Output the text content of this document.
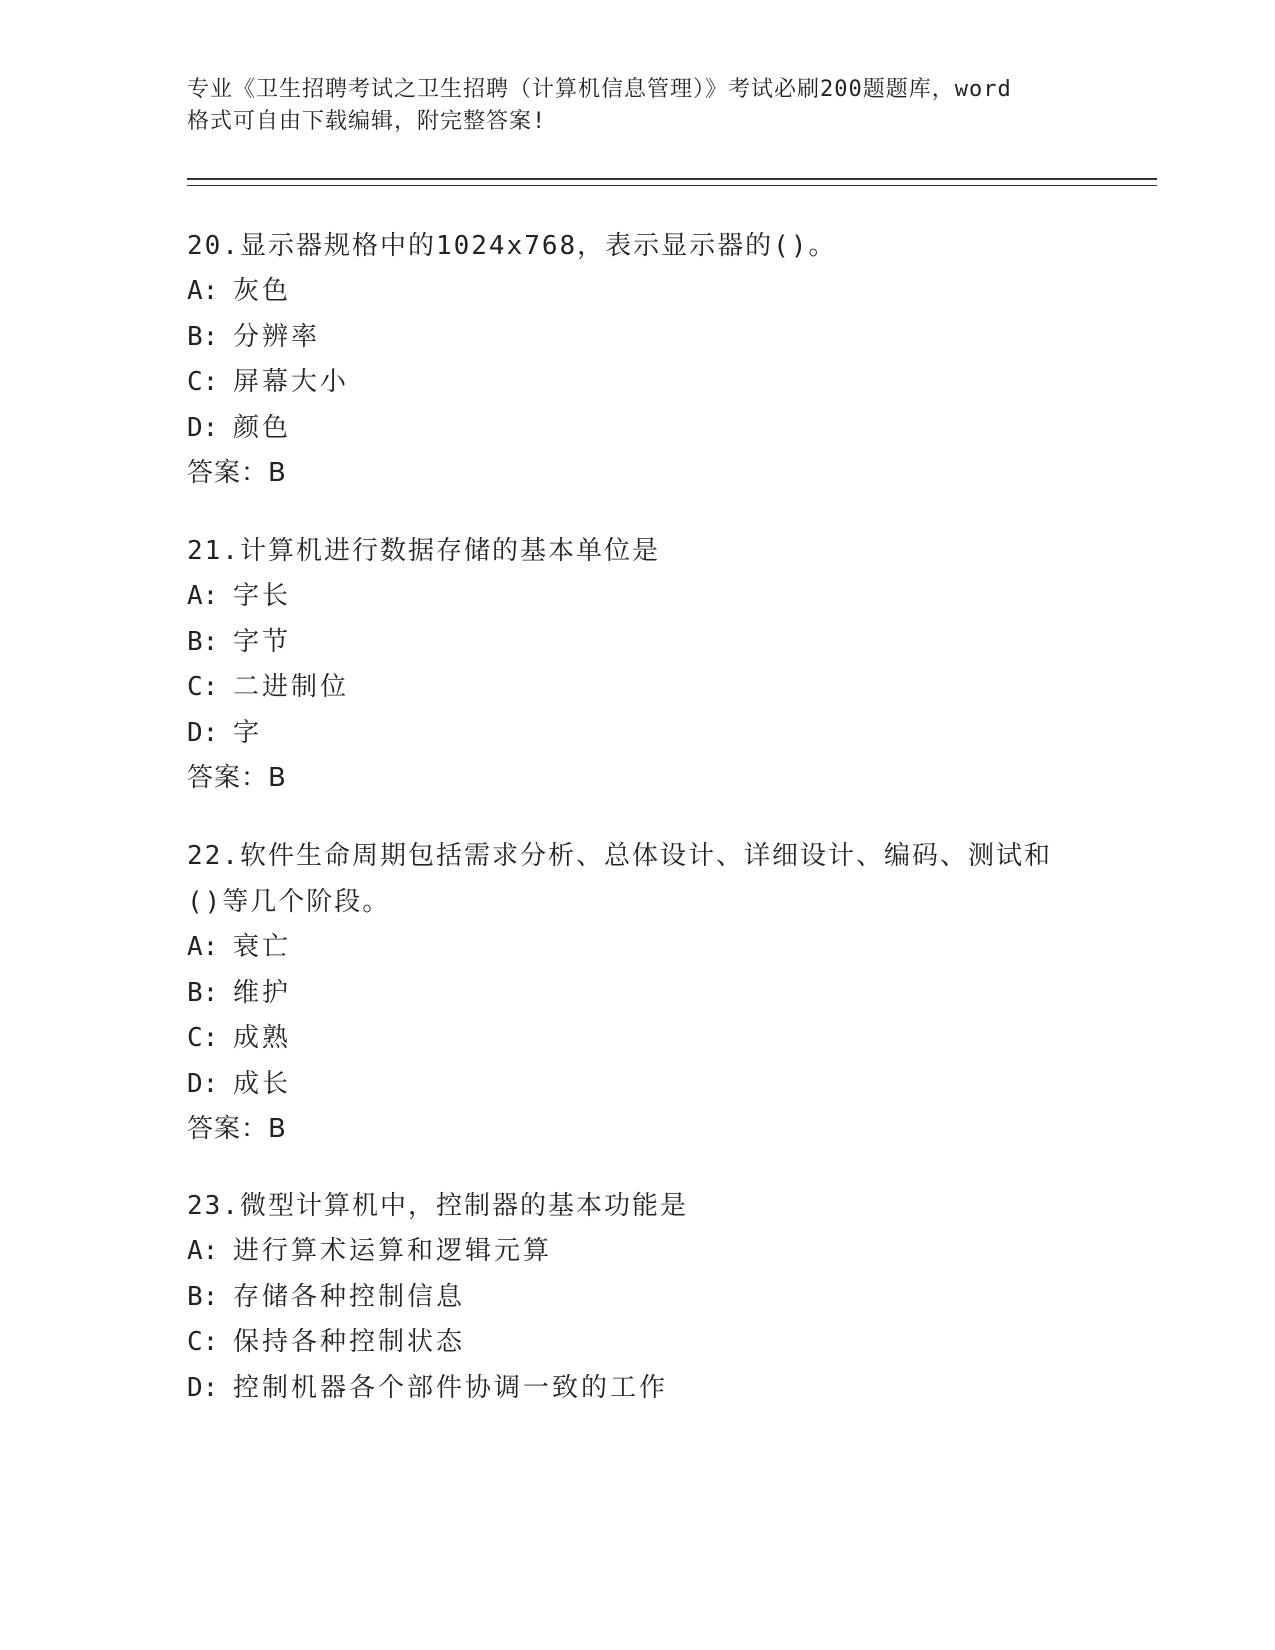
专业《卫生招聘考试之卫生招聘（计算机信息管理）》考试必刷200题题库，word
格式可自由下载编辑，附完整答案!

20.显示器规格中的1024x768，表示显示器的()。

A: 灰色

B: 分辨率

C: 屏幕大小

D: 颜色

答案：B

21.计算机进行数据存储的基本单位是

A: 字长

B: 字节

C: 二进制位

D: 字

答案：B

22.软件生命周期包括需求分析、总体设计、详细设计、编码、测试和()等几个阶段。

A: 衰亡

B: 维护

C: 成熟

D: 成长

答案：B

23.微型计算机中，控制器的基本功能是

A: 进行算术运算和逻辑元算

B: 存储各种控制信息

C: 保持各种控制状态

D: 控制机器各个部件协调一致的工作
